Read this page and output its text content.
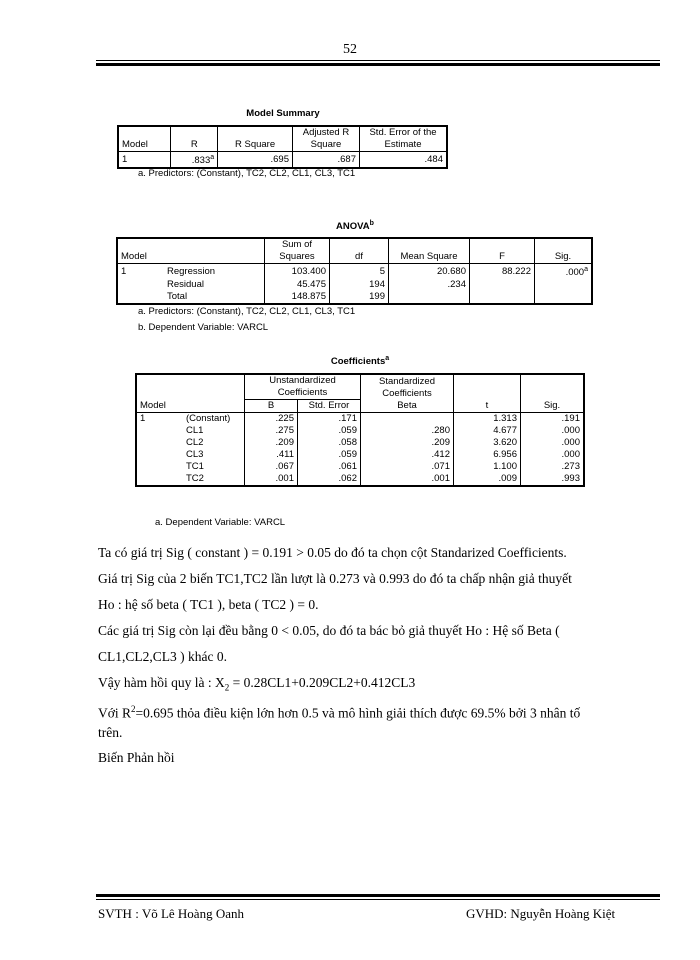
52
Model Summary
Model	R	R Square	Adjusted R Square	Std. Error of the Estimate
1	.833$^a$	.695	.687	.484
a. Predictors: (Constant), TC2, CL2, CL1, CL3, TC1
ANOVA$^b$
Model		Sum of Squares	df	Mean Square	F	Sig.
1	Regression	103.400	5	20.680	88.222	.000$^a$
	Residual	45.475	194	.234		
	Total	148.875	199			
a. Predictors: (Constant), TC2, CL2, CL1, CL3, TC1
b. Dependent Variable: VARCL
Coefficients$^a$
		Unstandardized Coefficients		Standardized Coefficients		
Model		B	Std. Error	Beta	t	Sig.
1	(Constant)	.225	.171		1.313	.191
	CL1	.275	.059	.280	4.677	.000
	CL2	.209	.058	.209	3.620	.000
	CL3	.411	.059	.412	6.956	.000
	TC1	.067	.061	.071	1.100	.273
	TC2	.001	.062	.001	.009	.993
a. Dependent Variable: VARCL
Ta có giá trị Sig ( constant ) = 0.191 > 0.05 do đó ta chọn cột Standarized Coefficients.
Giá trị Sig của 2 biến TC1,TC2 lần lượt là 0.273 và 0.993 do đó ta chấp nhận giả thuyết
Ho : hệ số beta ( TC1 ), beta ( TC2 ) = 0.
Các giá trị Sig còn lại đều bằng 0 < 0.05, do đó ta bác bỏ giả thuyết Ho : Hệ số Beta (
CL1,CL2,CL3 ) khác 0.
Vậy hàm hồi quy là : $X_2 = 0.28CL1+0.209CL2+0.412CL3$
Với $R^2=0.695$ thỏa điều kiện lớn hơn 0.5 và mô hình giải thích được 69.5% bởi 3 nhân tố
trên.
Biến Phản hồi
SVTH : Võ Lê Hoàng Oanh	GVHD: Nguyễn Hoàng Kiệt
